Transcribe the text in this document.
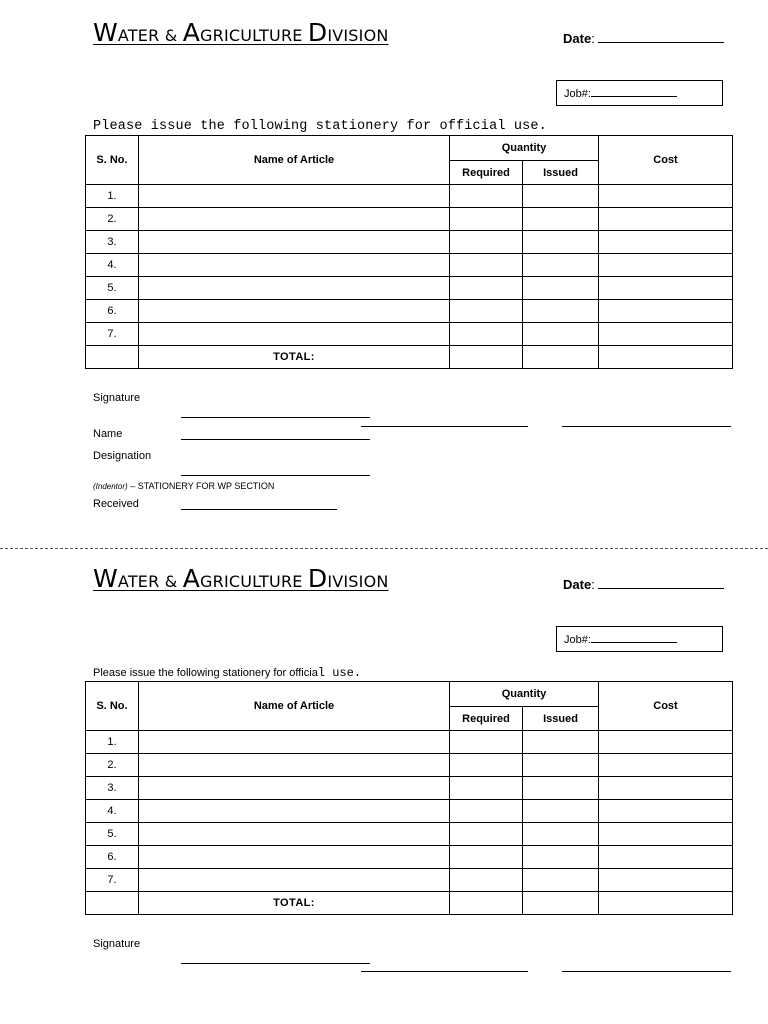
WATER & AGRICULTURE DIVISION	Date:
Job#:
Please issue the following stationery for official use.
S. No.	Name of Article	Quantity		Cost
		Required	Issued	
1.				
2.				
3.				
4.				
5.				
6.				
7.				
	TOTAL:			
Signature
Name
Designation
(Indentor) – STATIONERY FOR WP SECTION
Received
WATER & AGRICULTURE DIVISION	Date:
Job#:
Please issue the following stationery for official use.
S. No.	Name of Article	Quantity		Cost
		Required	Issued	
1.				
2.				
3.				
4.				
5.				
6.				
7.				
	TOTAL:			
Signature
